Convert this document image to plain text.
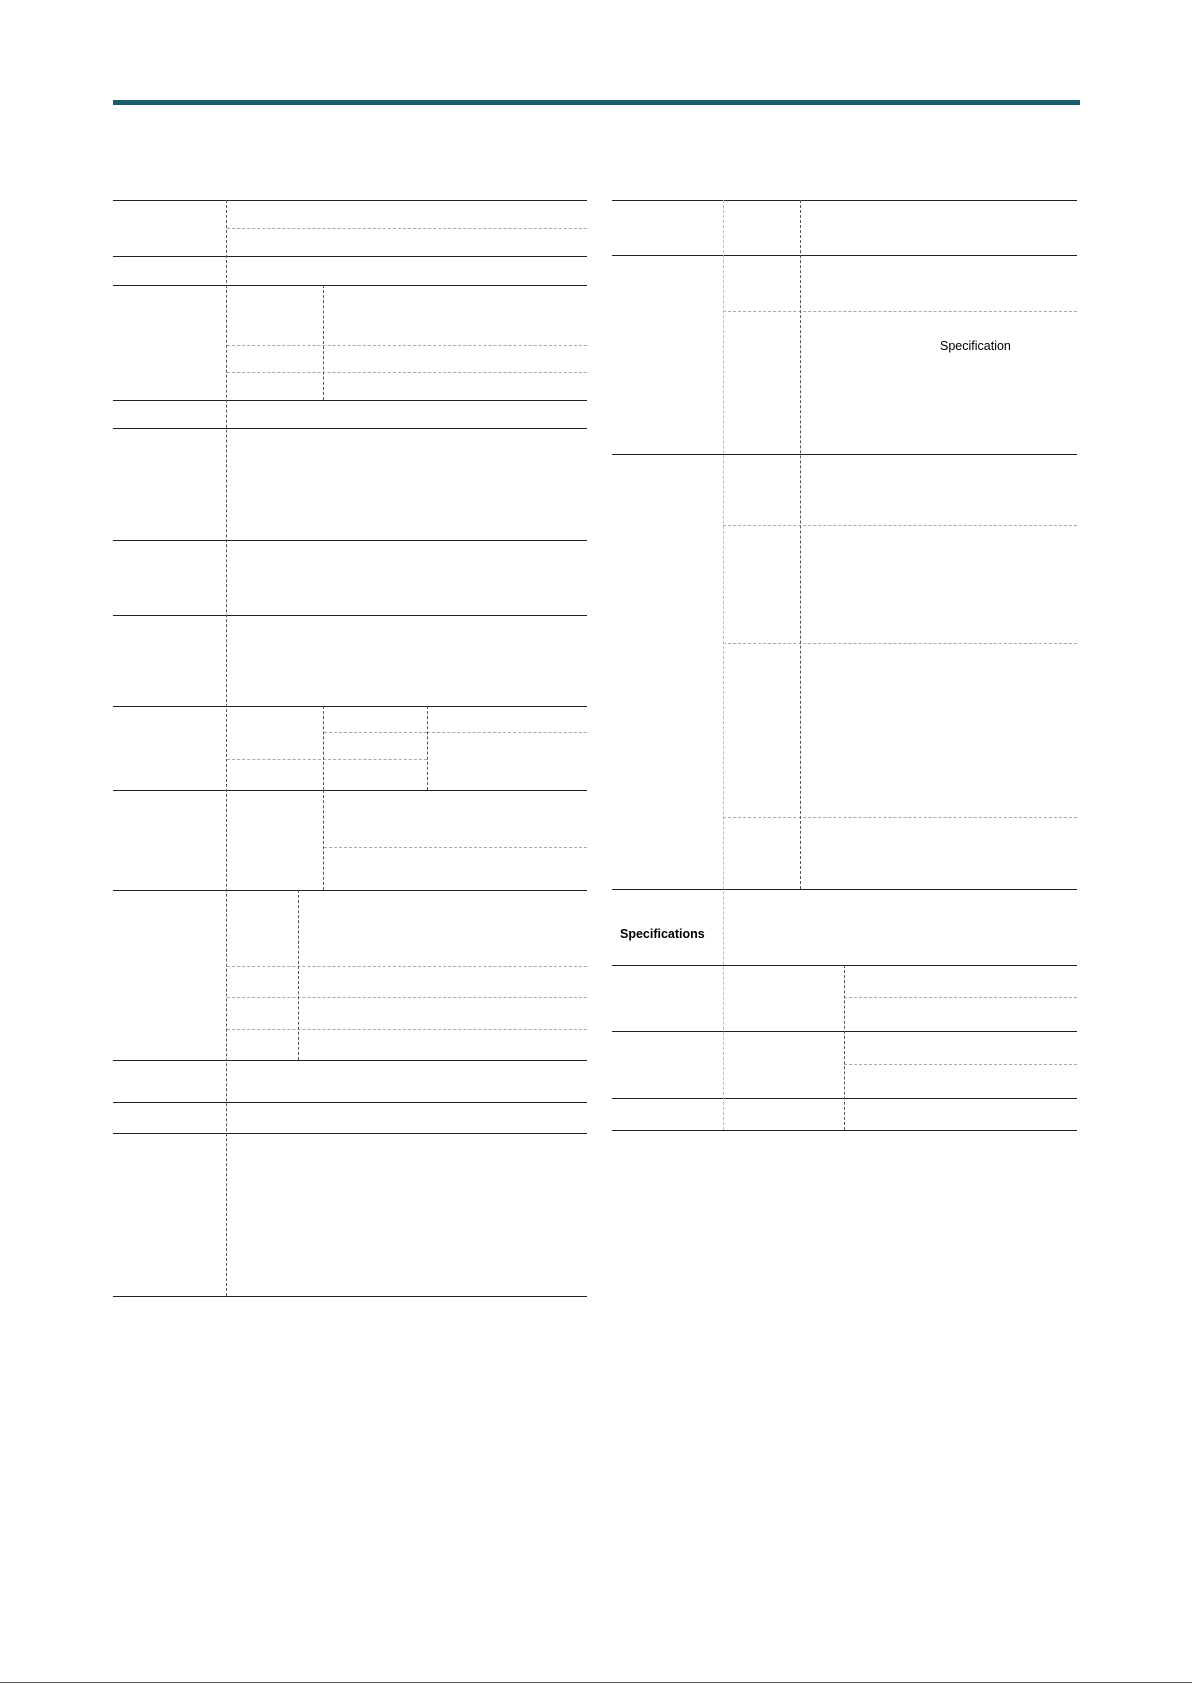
Specification
Specifications
